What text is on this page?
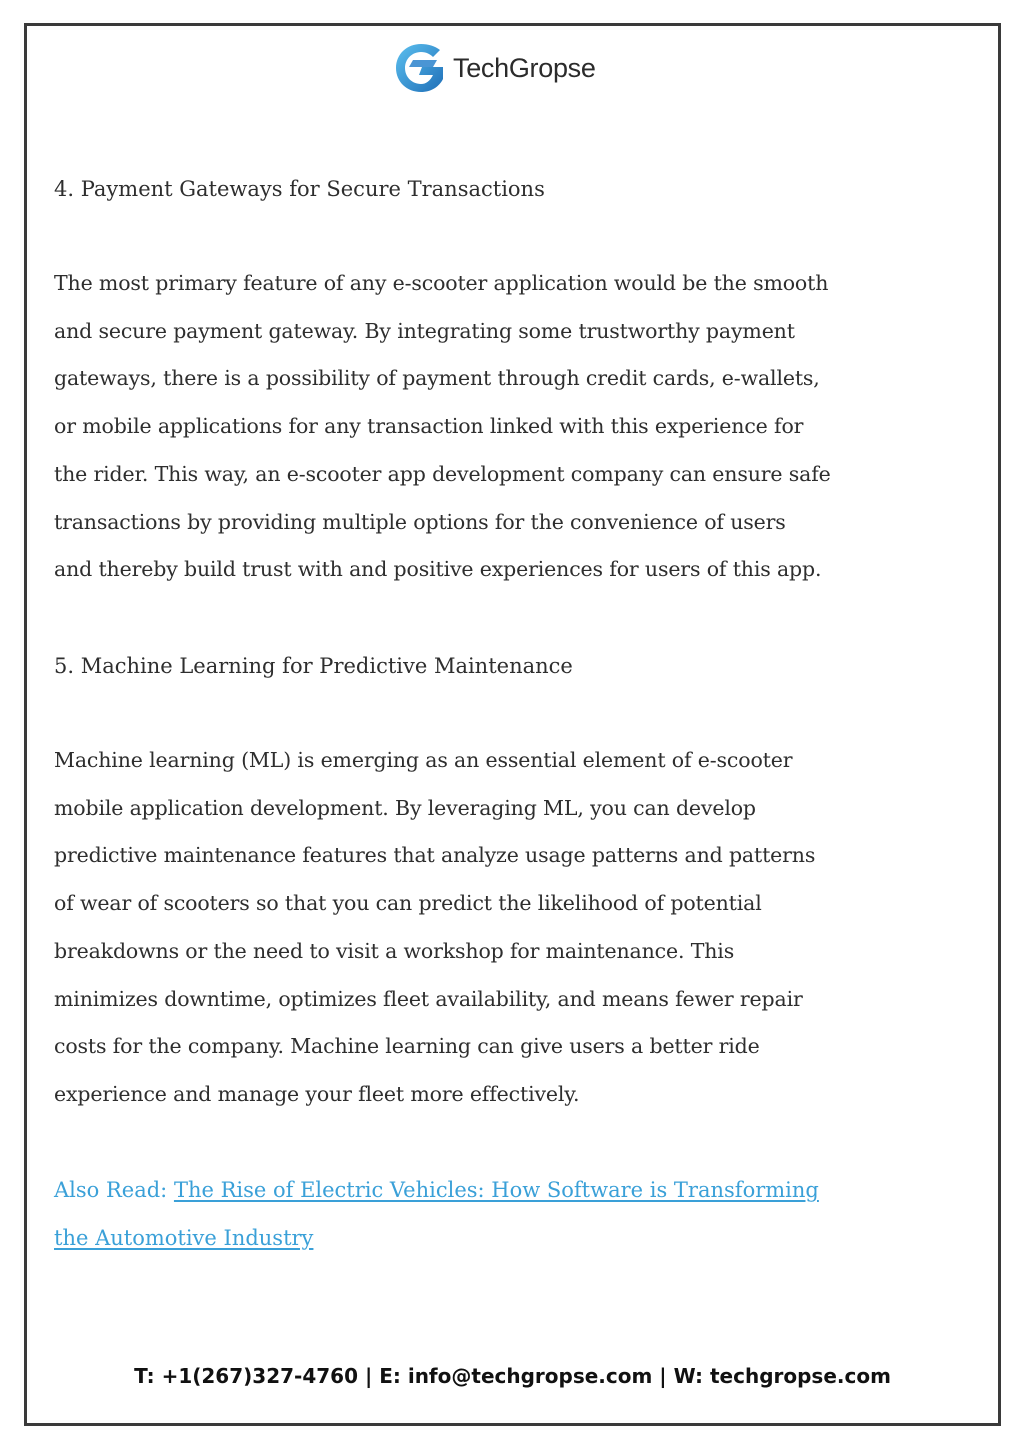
TechGropse
4. Payment Gateways for Secure Transactions
The most primary feature of any e-scooter application would be the smooth
and secure payment gateway. By integrating some trustworthy payment
gateways, there is a possibility of payment through credit cards, e-wallets,
or mobile applications for any transaction linked with this experience for
the rider. This way, an e-scooter app development company can ensure safe
transactions by providing multiple options for the convenience of users
and thereby build trust with and positive experiences for users of this app.
5. Machine Learning for Predictive Maintenance
Machine learning (ML) is emerging as an essential element of e-scooter
mobile application development. By leveraging ML, you can develop
predictive maintenance features that analyze usage patterns and patterns
of wear of scooters so that you can predict the likelihood of potential
breakdowns or the need to visit a workshop for maintenance. This
minimizes downtime, optimizes fleet availability, and means fewer repair
costs for the company. Machine learning can give users a better ride
experience and manage your fleet more effectively.
Also Read: The Rise of Electric Vehicles: How Software is Transforming
the Automotive Industry
T: +1(267)327-4760 | E: info@techgropse.com | W: techgropse.com
